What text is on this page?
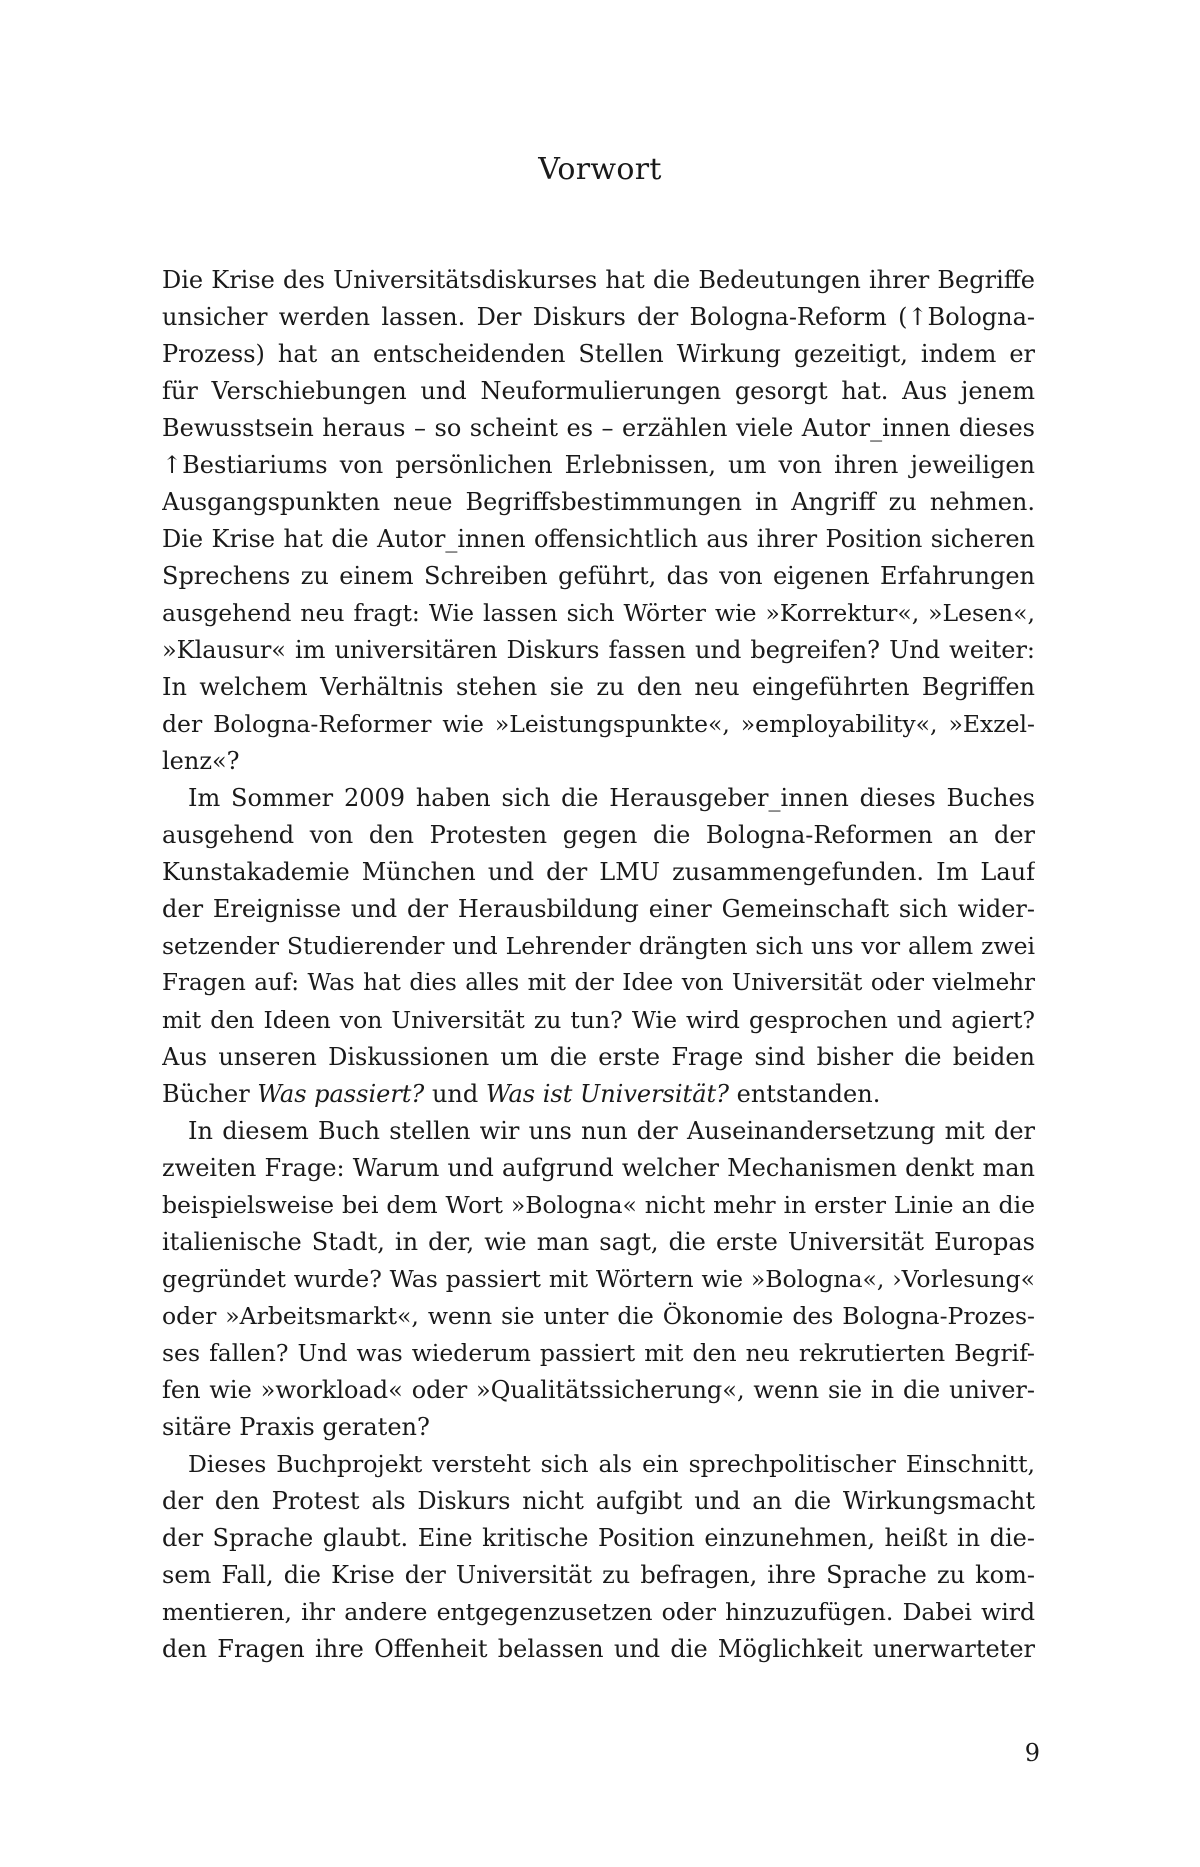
Vorwort
Die Krise des Universitätsdiskurses hat die Bedeutungen ihrer Begriffe
unsicher werden lassen. Der Diskurs der Bologna-Reform (↑Bologna-
Prozess) hat an entscheidenden Stellen Wirkung gezeitigt, indem er
für Verschiebungen und Neuformulierungen gesorgt hat. Aus jenem
Bewusstsein heraus – so scheint es – erzählen viele Autor_innen dieses
↑Bestiariums von persönlichen Erlebnissen, um von ihren jeweiligen
Ausgangspunkten neue Begriffsbestimmungen in Angriff zu nehmen.
Die Krise hat die Autor_innen offensichtlich aus ihrer Position sicheren
Sprechens zu einem Schreiben geführt, das von eigenen Erfahrungen
ausgehend neu fragt: Wie lassen sich Wörter wie »Korrektur«, »Lesen«,
»Klausur« im universitären Diskurs fassen und begreifen? Und weiter:
In welchem Verhältnis stehen sie zu den neu eingeführten Begriffen
der Bologna-Reformer wie »Leistungspunkte«, »employability«, »Exzel-
lenz«?
Im Sommer 2009 haben sich die Herausgeber_innen dieses Buches
ausgehend von den Protesten gegen die Bologna-Reformen an der
Kunstakademie München und der LMU zusammengefunden. Im Lauf
der Ereignisse und der Herausbildung einer Gemeinschaft sich wider-
setzender Studierender und Lehrender drängten sich uns vor allem zwei
Fragen auf: Was hat dies alles mit der Idee von Universität oder vielmehr
mit den Ideen von Universität zu tun? Wie wird gesprochen und agiert?
Aus unseren Diskussionen um die erste Frage sind bisher die beiden
Bücher Was passiert? und Was ist Universität? entstanden.
In diesem Buch stellen wir uns nun der Auseinandersetzung mit der
zweiten Frage: Warum und aufgrund welcher Mechanismen denkt man
beispielsweise bei dem Wort »Bologna« nicht mehr in erster Linie an die
italienische Stadt, in der, wie man sagt, die erste Universität Europas
gegründet wurde? Was passiert mit Wörtern wie »Bologna«, ›Vorlesung«
oder »Arbeitsmarkt«, wenn sie unter die Ökonomie des Bologna-Prozes-
ses fallen? Und was wiederum passiert mit den neu rekrutierten Begrif-
fen wie »workload« oder »Qualitätssicherung«, wenn sie in die univer-
sitäre Praxis geraten?
Dieses Buchprojekt versteht sich als ein sprechpolitischer Einschnitt,
der den Protest als Diskurs nicht aufgibt und an die Wirkungsmacht
der Sprache glaubt. Eine kritische Position einzunehmen, heißt in die-
sem Fall, die Krise der Universität zu befragen, ihre Sprache zu kom-
mentieren, ihr andere entgegenzusetzen oder hinzuzufügen. Dabei wird
den Fragen ihre Offenheit belassen und die Möglichkeit unerwarteter
9
